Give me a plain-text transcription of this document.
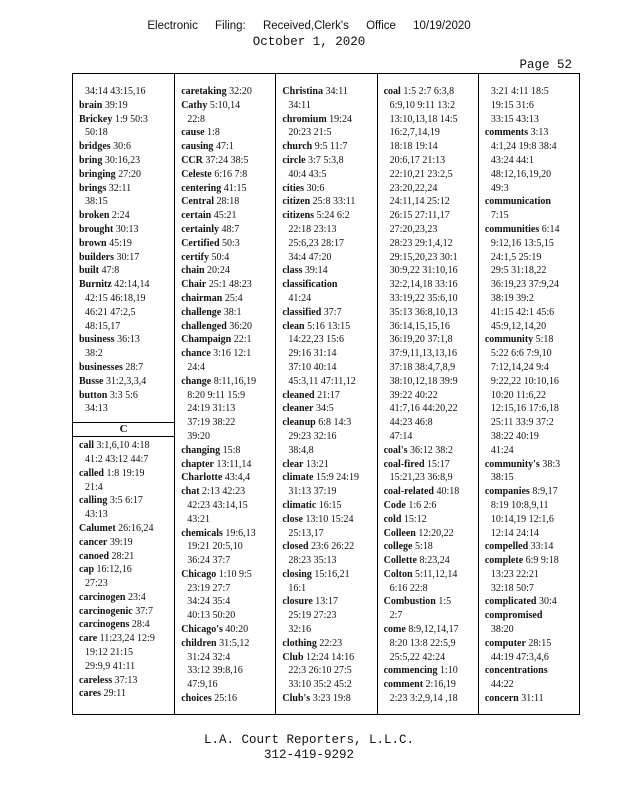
Electronic Filing: Received,Clerk's Office 10/19/2020
October 1, 2020
Page 52
34:14 43:15,16
brain 39:19
Brickey 1:9 50:3
50:18
bridges 30:6
bring 30:16,23
bringing 27:20
brings 32:11
38:15
broken 2:24
brought 30:13
brown 45:19
builders 30:17
built 47:8
Burnitz 42:14,14
42:15 46:18,19
46:21 47:2,5
48:15,17
business 36:13
38:2
businesses 28:7
Busse 31:2,3,3,4
button 3:3 5:6
34:13
C
call 3:1,6,10 4:18
41:2 43:12 44:7
called 1:8 19:19
21:4
calling 3:5 6:17
43:13
Calumet 26:16,24
cancer 39:19
canoed 28:21
cap 16:12,16
27:23
carcinogen 23:4
carcinogenic 37:7
carcinogens 28:4
care 11:23,24 12:9
19:12 21:15
29:9,9 41:11
careless 37:13
cares 29:11
caretaking 32:20
Cathy 5:10,14
22:8
cause 1:8
causing 47:1
CCR 37:24 38:5
Celeste 6:16 7:8
centering 41:15
Central 28:18
certain 45:21
certainly 48:7
Certified 50:3
certify 50:4
chain 20:24
Chair 25:1 48:23
chairman 25:4
challenge 38:1
challenged 36:20
Champaign 22:1
chance 3:16 12:1
24:4
change 8:11,16,19
8:20 9:11 15:9
24:19 31:13
37:19 38:22
39:20
changing 15:8
chapter 13:11,14
Charlotte 43:4,4
chat 2:13 42:23
42:23 43:14,15
43:21
chemicals 19:6,13
19:21 20:5,10
36:24 37:7
Chicago 1:10 9:5
23:19 27:7
34:24 35:4
40:13 50:20
Chicago's 40:20
children 31:5,12
31:24 32:4
33:12 39:8,16
47:9,16
choices 25:16
Christina 34:11
34:11
chromium 19:24
20:23 21:5
church 9:5 11:7
circle 3:7 5:3,8
40:4 43:5
cities 30:6
citizen 25:8 33:11
citizens 5:24 6:2
22:18 23:13
25:6,23 28:17
34:4 47:20
class 39:14
classification
41:24
classified 37:7
clean 5:16 13:15
14:22,23 15:6
29:16 31:14
37:10 40:14
45:3,11 47:11,12
cleaned 21:17
cleaner 34:5
cleanup 6:8 14:3
29:23 32:16
38:4,8
clear 13:21
climate 15:9 24:19
31:13 37:19
climatic 16:15
close 13:10 15:24
25:13,17
closed 23:6 26:22
28:23 35:13
closing 15:16,21
16:1
closure 13:17
25:19 27:23
32:16
clothing 22:23
Club 12:24 14:16
22:3 26:10 27:5
33:10 35:2 45:2
Club's 3:23 19:8
coal 1:5 2:7 6:3,8
6:9,10 9:11 13:2
13:10,13,18 14:5
16:2,7,14,19
18:18 19:14
20:6,17 21:13
22:10,21 23:2,5
23:20,22,24
24:11,14 25:12
26:15 27:11,17
27:20,23,23
28:23 29:1,4,12
29:15,20,23 30:1
30:9,22 31:10,16
32:2,14,18 33:16
33:19,22 35:6,10
35:13 36:8,10,13
36:14,15,15,16
36:19,20 37:1,8
37:9,11,13,13,16
37:18 38:4,7,8,9
38:10,12,18 39:9
39:22 40:22
41:7,16 44:20,22
44:23 46:8
47:14
coal's 36:12 38:2
coal-fired 15:17
15:21,23 36:8,9
coal-related 40:18
Code 1:6 2:6
cold 15:12
Colleen 12:20,22
college 5:18
Collette 8:23,24
Colton 5:11,12,14
6:16 22:8
Combustion 1:5
2:7
come 8:9,12,14,17
8:20 13:8 22:5,9
25:5,22 42:24
commencing 1:10
comment 2:16,19
2:23 3:2,9,14 ,18
3:21 4:11 18:5
19:15 31:6
33:15 43:13
comments 3:13
4:1,24 19:8 38:4
43:24 44:1
48:12,16,19,20
49:3
communication
7:15
communities 6:14
9:12,16 13:5,15
24:1,5 25:19
29:5 31:18,22
36:19,23 37:9,24
38:19 39:2
41:15 42:1 45:6
45:9,12,14,20
community 5:18
5:22 6:6 7:9,10
7:12,14,24 9:4
9:22,22 10:10,16
10:20 11:6,22
12:15,16 17:6,18
25:11 33:9 37:2
38:22 40:19
41:24
community's 38:3
38:15
companies 8:9,17
8:19 10:8,9,11
10:14,19 12:1,6
12:14 24:14
compelled 33:14
complete 6:9 9:18
13:23 22:21
32:18 50:7
complicated 30:4
compromised
38:20
computer 28:15
44:19 47:3,4,6
concentrations
44:22
concern 31:11
L.A. Court Reporters, L.L.C.
312-419-9292
